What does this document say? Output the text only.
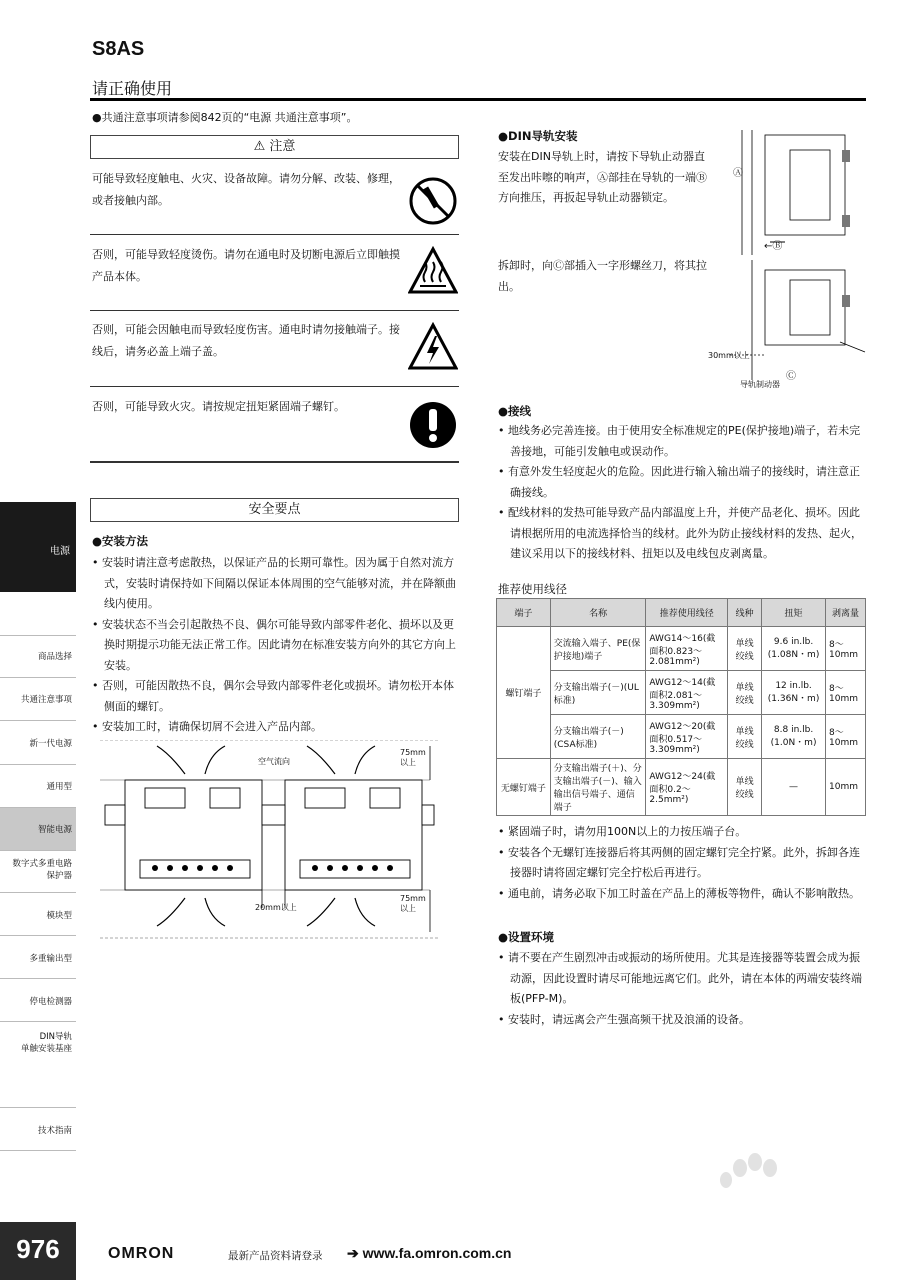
S8AS
请正确使用
●共通注意事项请参阅842页的“电源 共通注意事项”。
⚠ 注意
可能导致轻度触电、火灾、设备故障。请勿分解、改装、修理，或者接触内部。
否则，可能导致轻度烫伤。请勿在通电时及切断电源后立即触摸产品本体。
否则，可能会因触电而导致轻度伤害。通电时请勿接触端子。接线后，请务必盖上端子盖。
否则，可能导致火灾。请按规定扭矩紧固端子螺钉。
安全要点
●安装方法
• 安装时请注意考虑散热，以保证产品的长期可靠性。因为属于自然对流方式，安装时请保持如下间隔以保证本体周围的空气能够对流，并在降额曲线内使用。
• 安装状态不当会引起散热不良、偶尔可能导致内部零件老化、损坏以及更换时期提示功能无法正常工作。因此请勿在标准安装方向外的其它方向上安装。
• 否则，可能因散热不良，偶尔会导致内部零件老化或损坏。请勿松开本体侧面的螺钉。
• 安装加工时，请确保切屑不会进入产品内部。
空气流向
75mm
以上
75mm
以上
20mm以上
●DIN导轨安装
安装在DIN导轨上时，请按下导轨止动器直至发出咔嚓的响声，Ⓐ部挂在导轨的一端Ⓑ方向推压，再扳起导轨止动器锁定。
拆卸时，向Ⓒ部插入一字形螺丝刀，将其拉出。
Ⓐ
←Ⓑ
30mm以上
Ⓒ
导轨制动器
●接线
• 地线务必完善连接。由于使用安全标准规定的PE(保护接地)端子，若未完善接地，可能引发触电或误动作。
• 有意外发生轻度起火的危险。因此进行输入输出端子的接线时，请注意正确接线。
• 配线材料的发热可能导致产品内部温度上升，并使产品老化、损坏。因此请根据所用的电流选择恰当的线材。此外为防止接线材料的发热、起火，建议采用以下的接线材料、扭矩以及电线包皮剥离量。
推荐使用线径
端子	名称	推荐使用线径	线种	扭矩	剥离量
螺钉端子	交流输入端子、PE(保护接地)端子	AWG14～16(截面积0.823～2.081mm²)	单线绞线	9.6 in.lb.(1.08N・m)	8～10mm
	分支输出端子(－)(UL标准)	AWG12～14(截面积2.081～3.309mm²)	单线绞线	12 in.lb.(1.36N・m)	8～10mm
	分支输出端子(－)(CSA标准)	AWG12～20(截面积0.517～3.309mm²)	单线绞线	8.8 in.lb.(1.0N・m)	8～10mm
无螺钉端子	分支输出端子(＋)、分支输出端子(－)、输入输出信号端子、通信端子	AWG12～24(截面积0.2～2.5mm²)	单线绞线	—	10mm
• 紧固端子时，请勿用100N以上的力按压端子台。
• 安装各个无螺钉连接器后将其两侧的固定螺钉完全拧紧。此外，拆卸各连接器时请将固定螺钉完全拧松后再进行。
• 通电前，请务必取下加工时盖在产品上的薄板等物件，确认不影响散热。
●设置环境
• 请不要在产生剧烈冲击或振动的场所使用。尤其是连接器等装置会成为振动源，因此设置时请尽可能地远离它们。此外，请在本体的两端安装终端板(PFP-M)。
• 安装时，请远离会产生强高频干扰及浪涌的设备。
电源
商品选择
共通注意事项
新一代电源
通用型
智能电源
数字式多重电路
保护器
模块型
多重输出型
停电检测器
DIN导轨
单触安装基座
技术指南
976	OMRON	最新产品资料请登录 ➔ www.fa.omron.com.cn
